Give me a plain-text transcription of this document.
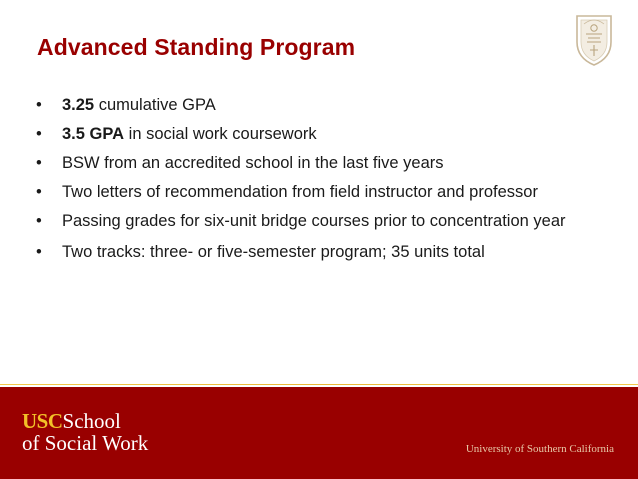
Advanced Standing Program
•	3.25 cumulative GPA
•	3.5 GPA in social work coursework
•	BSW from an accredited school in the last five years
•	Two letters of recommendation from field instructor and professor
•	Passing grades for six-unit bridge courses prior to concentration year
•	Two tracks: three- or five-semester program; 35 units total
USCSchool
of Social Work	University of Southern California
